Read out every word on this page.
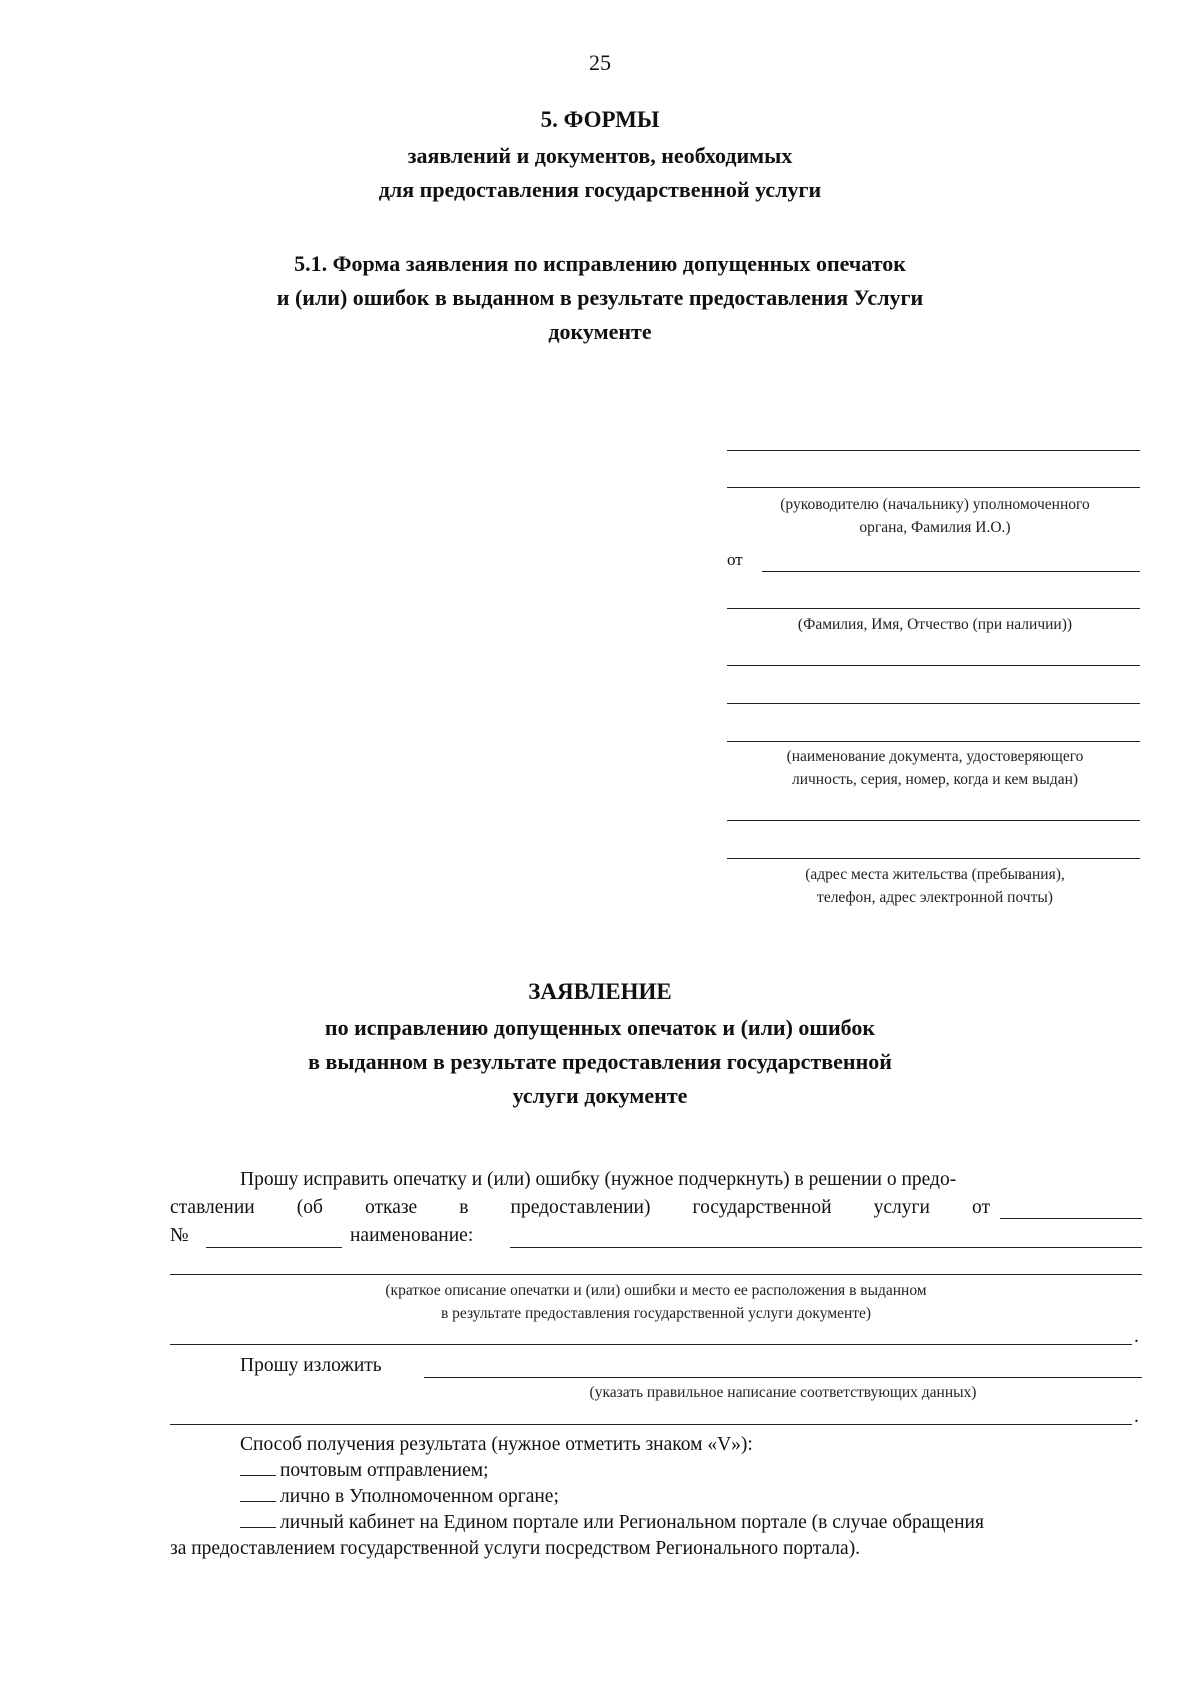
25
5. ФОРМЫ
заявлений и документов, необходимых
для предоставления государственной услуги
5.1. Форма заявления по исправлению допущенных опечаток
и (или) ошибок в выданном в результате предоставления Услуги
документе
(руководителю (начальнику) уполномоченного
органа, Фамилия И.О.)
от
(Фамилия, Имя, Отчество (при наличии))
(наименование документа, удостоверяющего
личность, серия, номер, когда и кем выдан)
(адрес места жительства (пребывания),
телефон, адрес электронной почты)
ЗАЯВЛЕНИЕ
по исправлению допущенных опечаток и (или) ошибок
в выданном в результате предоставления государственной
услуги документе
Прошу исправить опечатку и (или) ошибку (нужное подчеркнуть) в решении о предо-
ставлении (об отказе в предоставлении) государственной услуги от
№	наименование:
(краткое описание опечатки и (или) ошибки и место ее расположения в выданном
в результате предоставления государственной услуги документе)
.
Прошу изложить
(указать правильное написание соответствующих данных)
.
Способ получения результата (нужное отметить знаком «V»):
почтовым отправлением;
лично в Уполномоченном органе;
личный кабинет на Едином портале или Региональном портале (в случае обращения
за предоставлением государственной услуги посредством Регионального портала).
